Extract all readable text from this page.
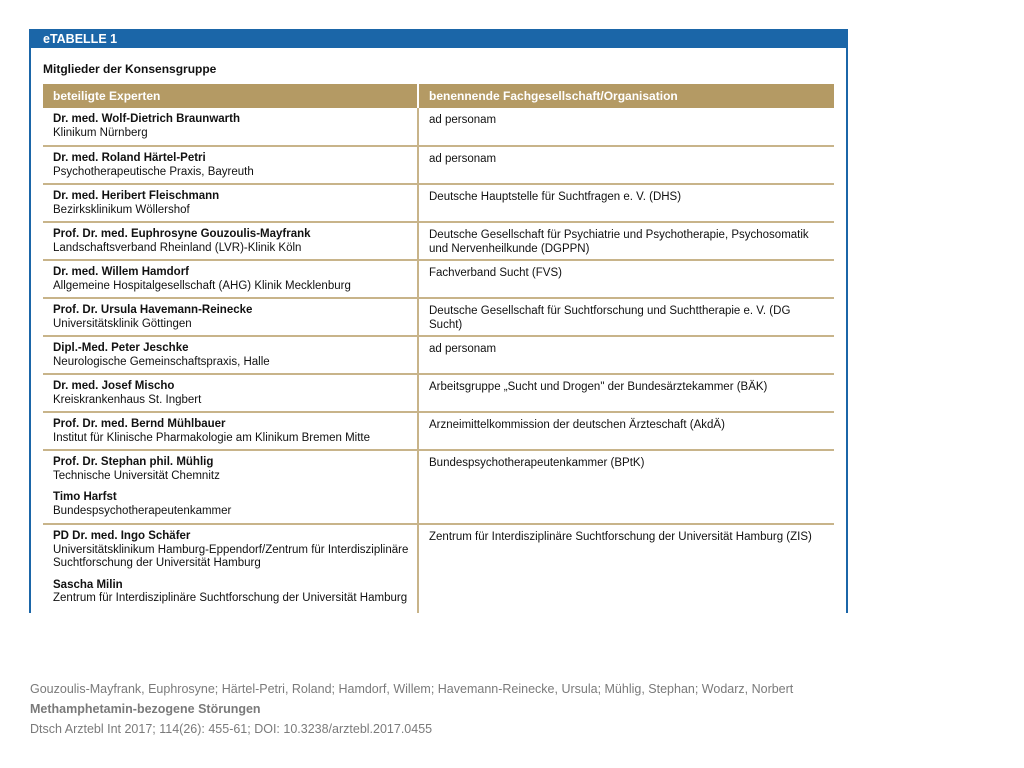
eTABELLE 1
Mitglieder der Konsensgruppe
beteiligte Experten	benennende Fachgesellschaft/Organisation

Dr. med. Wolf-Dietrich Braunwarth
Klinikum Nürnberg	ad personam

Dr. med. Roland Härtel-Petri
Psychotherapeutische Praxis, Bayreuth	ad personam

Dr. med. Heribert Fleischmann
Bezirksklinikum Wöllershof	Deutsche Hauptstelle für Suchtfragen e. V. (DHS)

Prof. Dr. med. Euphrosyne Gouzoulis-Mayfrank
Landschaftsverband Rheinland (LVR)-Klinik Köln	Deutsche Gesellschaft für Psychiatrie und Psychotherapie, Psychosomatik und Nervenheilkunde (DGPPN)

Dr. med. Willem Hamdorf
Allgemeine Hospitalgesellschaft (AHG) Klinik Mecklenburg	Fachverband Sucht (FVS)

Prof. Dr. Ursula Havemann-Reinecke
Universitätsklinik Göttingen	Deutsche Gesellschaft für Suchtforschung und Suchttherapie e. V. (DG Sucht)

Dipl.-Med. Peter Jeschke
Neurologische Gemeinschaftspraxis, Halle	ad personam

Dr. med. Josef Mischo
Kreiskrankenhaus St. Ingbert	Arbeitsgruppe „Sucht und Drogen" der Bundesärztekammer (BÄK)

Prof. Dr. med. Bernd Mühlbauer
Institut für Klinische Pharmakologie am Klinikum Bremen Mitte	Arzneimittelkommission der deutschen Ärzteschaft (AkdÄ)

Prof. Dr. Stephan phil. Mühlig
Technische Universität Chemnitz
Timo Harfst
Bundespsychotherapeutenkammer	Bundespsychotherapeutenkammer (BPtK)

PD Dr. med. Ingo Schäfer
Universitätsklinikum Hamburg-Eppendorf/Zentrum für Interdisziplinäre Suchtforschung der Universität Hamburg
Sascha Milin
Zentrum für Interdisziplinäre Suchtforschung der Universität Hamburg	Zentrum für Interdisziplinäre Suchtforschung der Universität Hamburg (ZIS)
Gouzoulis-Mayfrank, Euphrosyne; Härtel-Petri, Roland; Hamdorf, Willem; Havemann-Reinecke, Ursula; Mühlig, Stephan; Wodarz, Norbert
Methamphetamin-bezogene Störungen
Dtsch Arztebl Int 2017; 114(26): 455-61; DOI: 10.3238/arztebl.2017.0455
